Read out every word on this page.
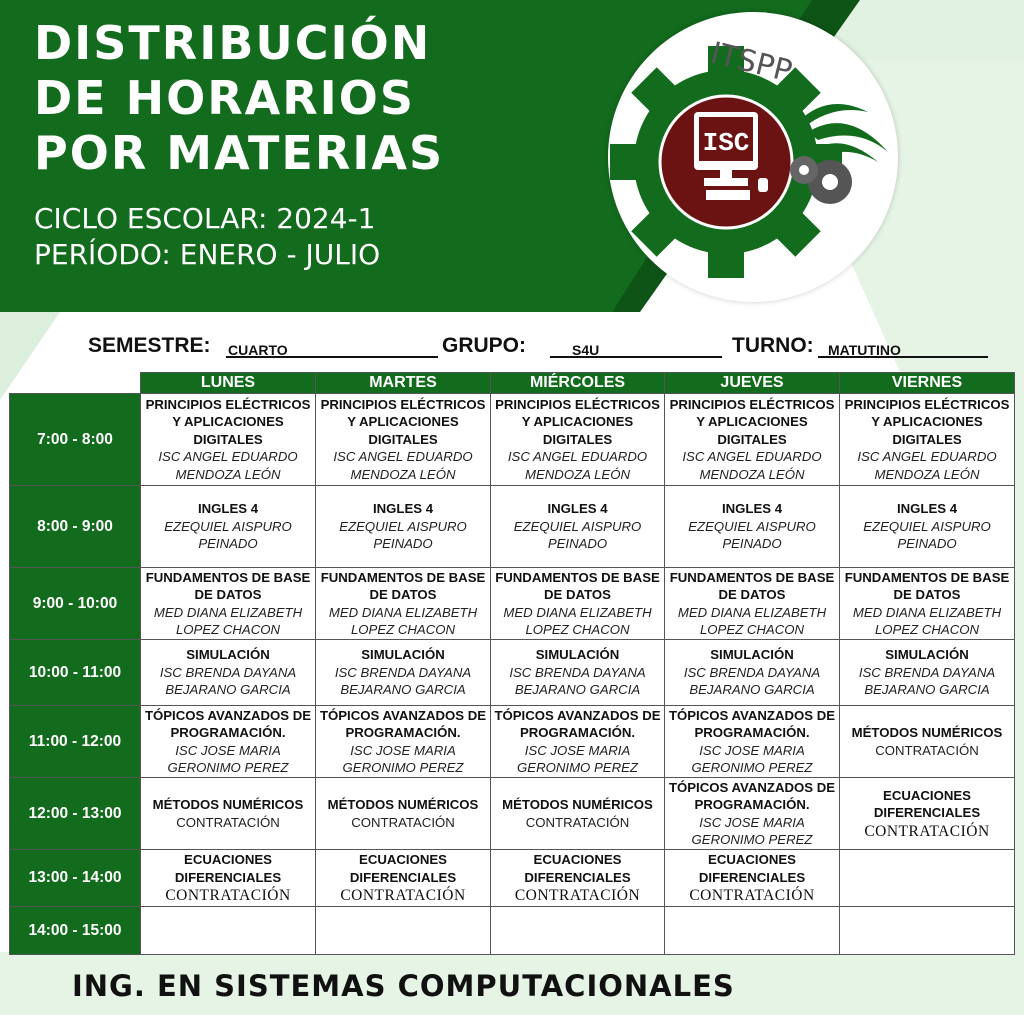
DISTRIBUCIÓN
DE HORARIOS
POR MATERIAS
CICLO ESCOLAR: 2024-1
PERÍODO: ENERO - JULIO
ISC
ITSPP
SEMESTRE: CUARTO	GRUPO:	S4U	TURNO: MATUTINO
	LUNES	MARTES	MIÉRCOLES	JUEVES	VIERNES
7:00 - 8:00	PRINCIPIOS ELÉCTRICOS
Y APLICACIONES
DIGITALES
ISC ANGEL EDUARDO
MENDOZA LEÓN	PRINCIPIOS ELÉCTRICOS
Y APLICACIONES
DIGITALES
ISC ANGEL EDUARDO
MENDOZA LEÓN	PRINCIPIOS ELÉCTRICOS
Y APLICACIONES
DIGITALES
ISC ANGEL EDUARDO
MENDOZA LEÓN	PRINCIPIOS ELÉCTRICOS
Y APLICACIONES
DIGITALES
ISC ANGEL EDUARDO
MENDOZA LEÓN	PRINCIPIOS ELÉCTRICOS
Y APLICACIONES
DIGITALES
ISC ANGEL EDUARDO
MENDOZA LEÓN

8:00 - 9:00	INGLES 4
EZEQUIEL AISPURO
PEINADO	INGLES 4
EZEQUIEL AISPURO
PEINADO	INGLES 4
EZEQUIEL AISPURO
PEINADO	INGLES 4
EZEQUIEL AISPURO
PEINADO	INGLES 4
EZEQUIEL AISPURO
PEINADO

9:00 - 10:00	FUNDAMENTOS DE BASE
DE DATOS
MED DIANA ELIZABETH
LOPEZ CHACON	FUNDAMENTOS DE BASE
DE DATOS
MED DIANA ELIZABETH
LOPEZ CHACON	FUNDAMENTOS DE BASE
DE DATOS
MED DIANA ELIZABETH
LOPEZ CHACON	FUNDAMENTOS DE BASE
DE DATOS
MED DIANA ELIZABETH
LOPEZ CHACON	FUNDAMENTOS DE BASE
DE DATOS
MED DIANA ELIZABETH
LOPEZ CHACON

10:00 - 11:00	SIMULACIÓN
ISC BRENDA DAYANA
BEJARANO GARCIA	SIMULACIÓN
ISC BRENDA DAYANA
BEJARANO GARCIA	SIMULACIÓN
ISC BRENDA DAYANA
BEJARANO GARCIA	SIMULACIÓN
ISC BRENDA DAYANA
BEJARANO GARCIA	SIMULACIÓN
ISC BRENDA DAYANA
BEJARANO GARCIA

11:00 - 12:00	TÓPICOS AVANZADOS DE
PROGRAMACIÓN.
ISC JOSE MARIA
GERONIMO PEREZ	TÓPICOS AVANZADOS DE
PROGRAMACIÓN.
ISC JOSE MARIA
GERONIMO PEREZ	TÓPICOS AVANZADOS DE
PROGRAMACIÓN.
ISC JOSE MARIA
GERONIMO PEREZ	TÓPICOS AVANZADOS DE
PROGRAMACIÓN.
ISC JOSE MARIA
GERONIMO PEREZ	MÉTODOS NUMÉRICOS
CONTRATACIÓN

12:00 - 13:00	MÉTODOS NUMÉRICOS
CONTRATACIÓN	MÉTODOS NUMÉRICOS
CONTRATACIÓN	MÉTODOS NUMÉRICOS
CONTRATACIÓN	TÓPICOS AVANZADOS DE
PROGRAMACIÓN.
ISC JOSE MARIA
GERONIMO PEREZ	ECUACIONES
DIFERENCIALES
CONTRATACIÓN

13:00 - 14:00	ECUACIONES
DIFERENCIALES
CONTRATACIÓN	ECUACIONES
DIFERENCIALES
CONTRATACIÓN	ECUACIONES
DIFERENCIALES
CONTRATACIÓN	ECUACIONES
DIFERENCIALES
CONTRATACIÓN	

14:00 - 15:00					
ING. EN SISTEMAS COMPUTACIONALES
